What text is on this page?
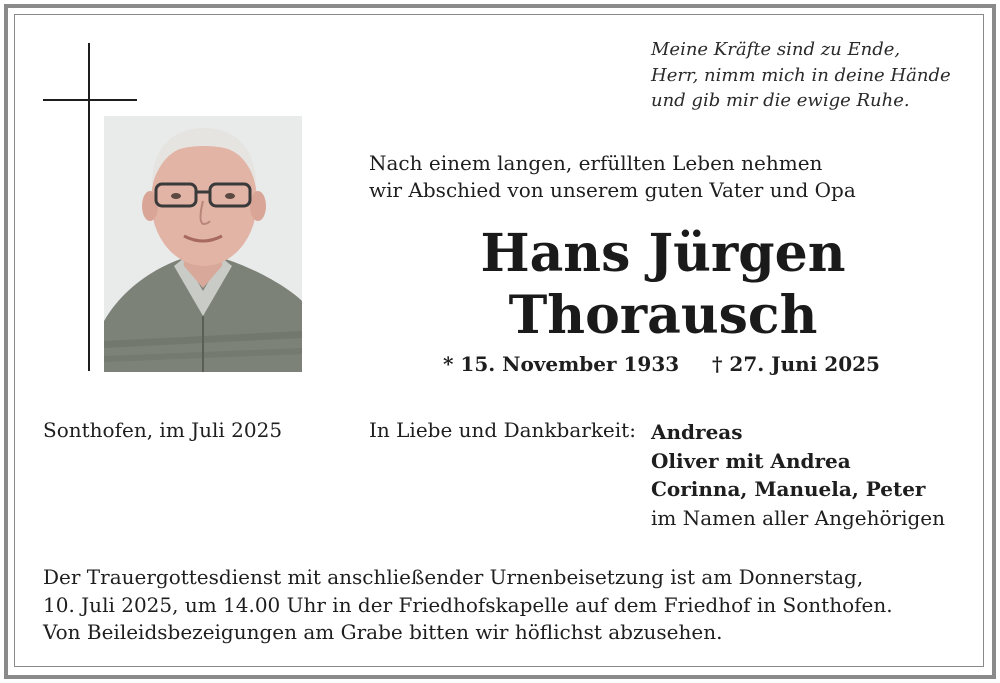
Meine Kräfte sind zu Ende,
Herr, nimm mich in deine Hände
und gib mir die ewige Ruhe.
Nach einem langen, erfüllten Leben nehmen
wir Abschied von unserem guten Vater und Opa
Hans Jürgen
Thorausch
* 15. November 1933 † 27. Juni 2025
Sonthofen, im Juli 2025	In Liebe und Dankbarkeit: Andreas
Oliver mit Andrea
Corinna, Manuela, Peter
im Namen aller Angehörigen
Der Trauergottesdienst mit anschließender Urnenbeisetzung ist am Donnerstag,
10. Juli 2025, um 14.00 Uhr in der Friedhofskapelle auf dem Friedhof in Sonthofen.
Von Beileidsbezeigungen am Grabe bitten wir höflichst abzusehen.
